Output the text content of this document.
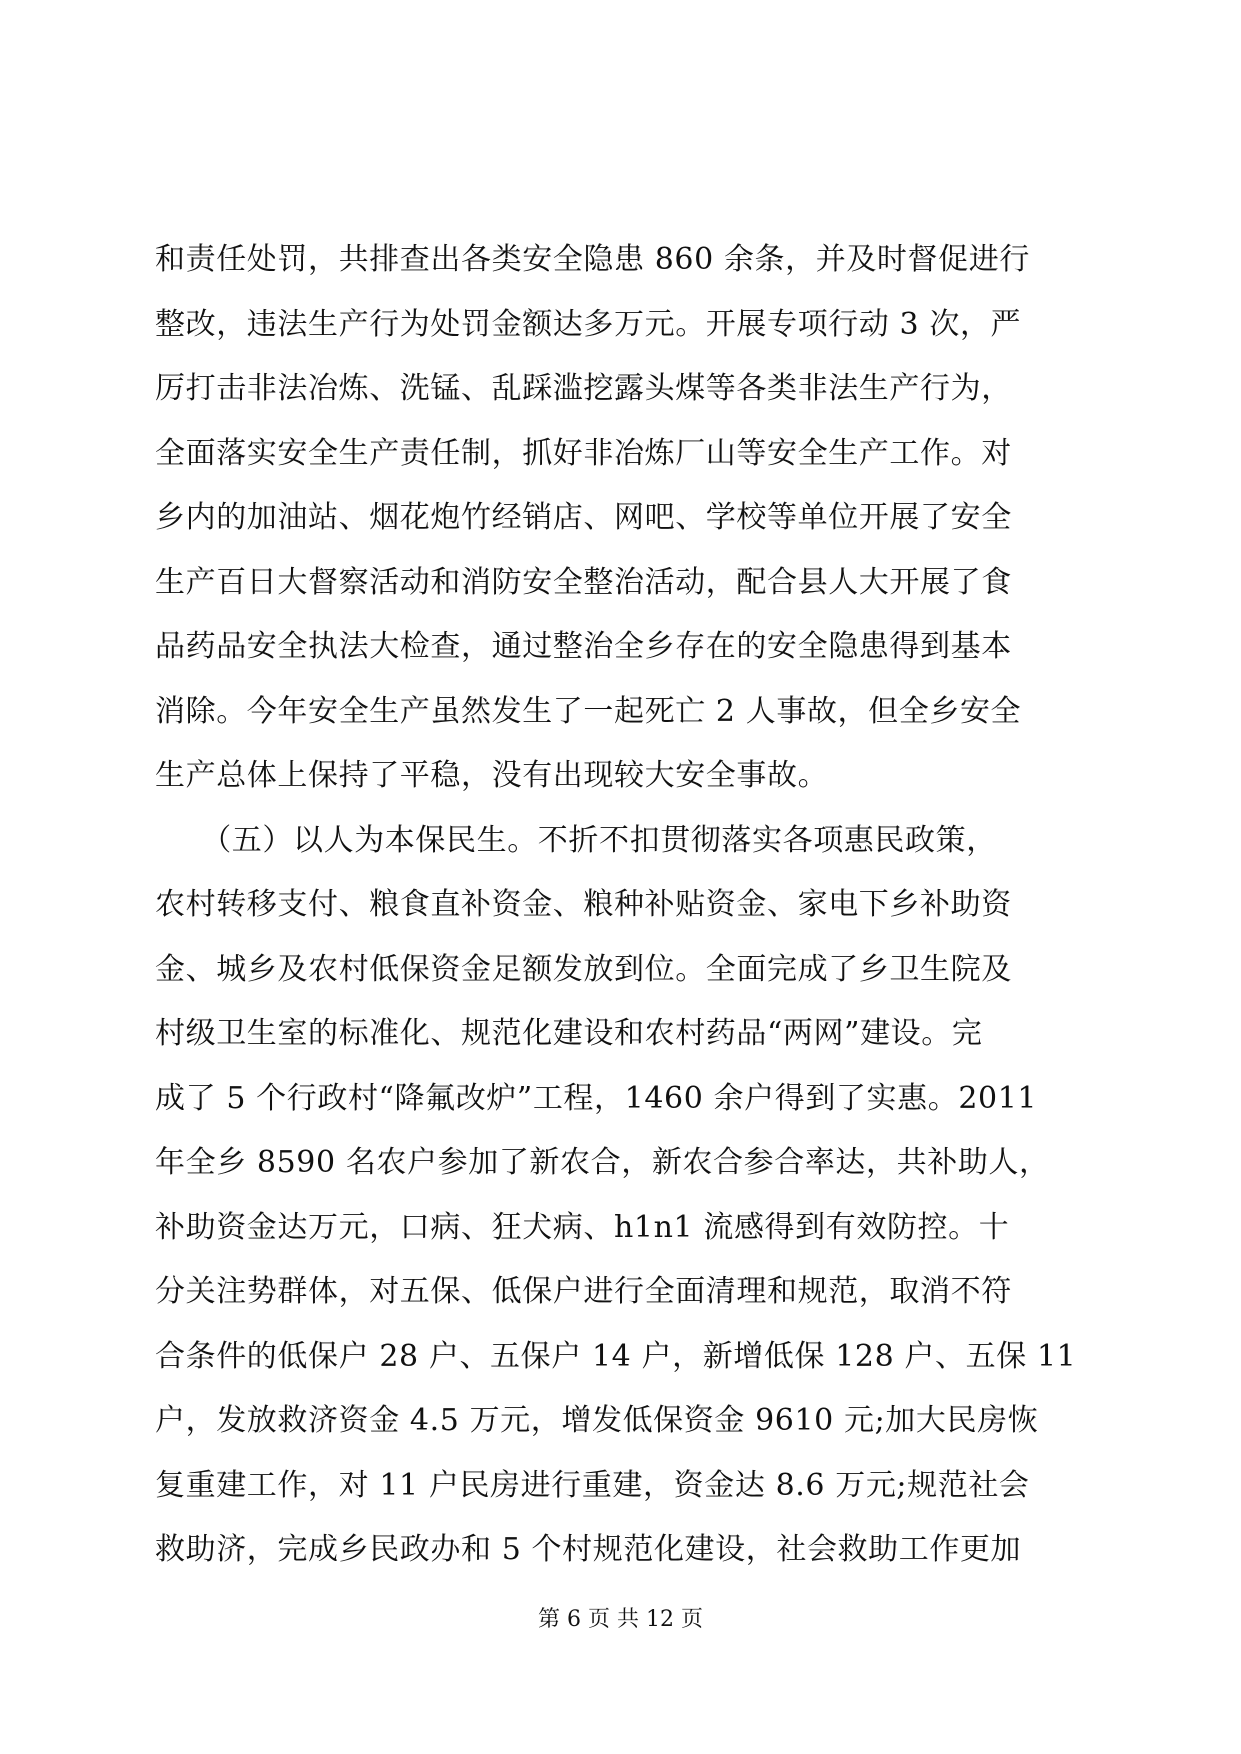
和责任处罚，共排查出各类安全隐患 860 余条，并及时督促进行
整改，违法生产行为处罚金额达多万元。开展专项行动 3 次，严
厉打击非法冶炼、洗锰、乱踩滥挖露头煤等各类非法生产行为，
全面落实安全生产责任制，抓好非冶炼厂山等安全生产工作。对
乡内的加油站、烟花炮竹经销店、网吧、学校等单位开展了安全
生产百日大督察活动和消防安全整治活动，配合县人大开展了食
品药品安全执法大检查，通过整治全乡存在的安全隐患得到基本
消除。今年安全生产虽然发生了一起死亡 2 人事故，但全乡安全
生产总体上保持了平稳，没有出现较大安全事故。
　　（五）以人为本保民生。不折不扣贯彻落实各项惠民政策，
农村转移支付、粮食直补资金、粮种补贴资金、家电下乡补助资
金、城乡及农村低保资金足额发放到位。全面完成了乡卫生院及
村级卫生室的标准化、规范化建设和农村药品“两网”建设。完
成了 5 个行政村“降氟改炉”工程，1460 余户得到了实惠。2011
年全乡 8590 名农户参加了新农合，新农合参合率达，共补助人，
补助资金达万元，口病、狂犬病、h1n1 流感得到有效防控。十
分关注势群体，对五保、低保户进行全面清理和规范，取消不符
合条件的低保户 28 户、五保户 14 户，新增低保 128 户、五保 11
户，发放救济资金 4.5 万元，增发低保资金 9610 元;加大民房恢
复重建工作，对 11 户民房进行重建，资金达 8.6 万元;规范社会
救助济，完成乡民政办和 5 个村规范化建设，社会救助工作更加
第 6 页 共 12 页
